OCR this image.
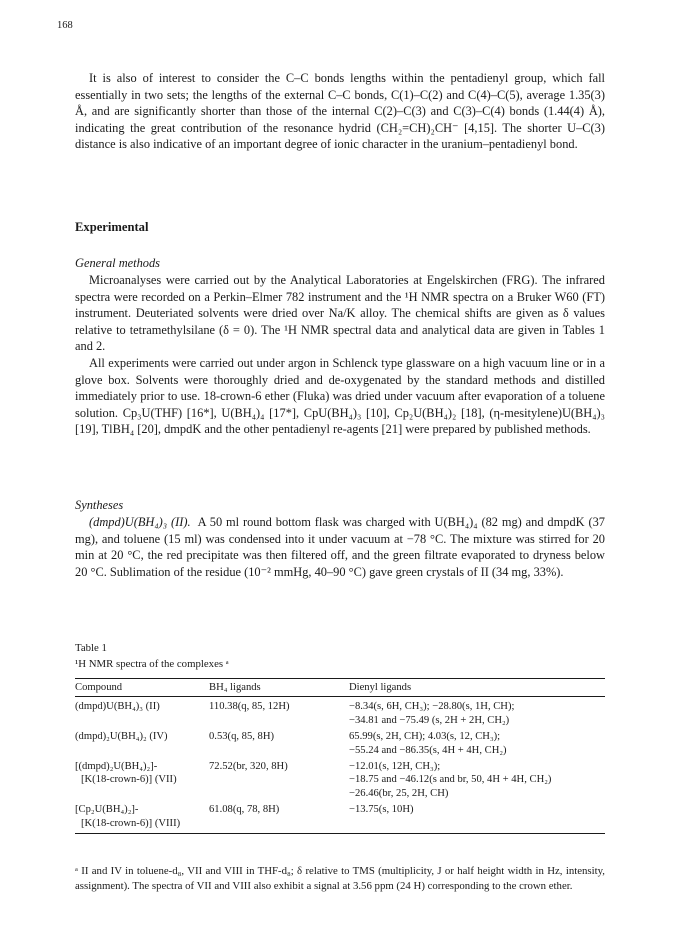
168

It is also of interest to consider the C–C bonds lengths within the pentadienyl group, which fall essentially in two sets; the lengths of the external C–C bonds, C(1)–C(2) and C(4)–C(5), average 1.35(3) Å, and are significantly shorter than those of the internal C(2)–C(3) and C(3)–C(4) bonds (1.44(4) Å), indicating the great contribution of the resonance hydrid (CH₂=CH)₂CH⁻ [4,15]. The shorter U–C(3) distance is also indicative of an important degree of ionic character in the uranium–pentadienyl bond.

Experimental
General methods

Microanalyses were carried out by the Analytical Laboratories at Engelskirchen (FRG). The infrared spectra were recorded on a Perkin–Elmer 782 instrument and the ¹H NMR spectra on a Bruker W60 (FT) instrument. Deuteriated solvents were dried over Na/K alloy. The chemical shifts are given as δ values relative to tetramethylsilane (δ = 0). The ¹H NMR spectral data and analytical data are given in Tables 1 and 2.

All experiments were carried out under argon in Schlenck type glassware on a high vacuum line or in a glove box. Solvents were thoroughly dried and de-oxygenated by the standard methods and distilled immediately prior to use. 18-crown-6 ether (Fluka) was dried under vacuum after evaporation of a toluene solution. Cp₃U(THF) [16*], U(BH₄)₄ [17*], CpU(BH₄)₃ [10], Cp₂U(BH₄)₂ [18], (η-mesitylene)U(BH₄)₃ [19], TlBH₄ [20], dmpdK and the other pentadienyl re-agents [21] were prepared by published methods.

Syntheses

(dmpd)U(BH₄)₃ (II). A 50 ml round bottom flask was charged with U(BH₄)₄ (82 mg) and dmpdK (37 mg), and toluene (15 ml) was condensed into it under vacuum at −78 °C. The mixture was stirred for 20 min at 20 °C, the red precipitate was then filtered off, and the green filtrate evaporated to dryness below 20 °C. Sublimation of the residue (10⁻² mmHg, 40–90 °C) gave green crystals of II (34 mg, 33%).

Table 1
¹H NMR spectra of the complexes ᵃ
Compound	BH₄ ligands	Dienyl ligands

(dmpd)U(BH₄)₃ (II)	110.38(q, 85, 12H)	−8.34(s, 6H, CH₃); −28.80(s, 1H, CH);
−34.81 and −75.49 (s, 2H + 2H, CH₂)

(dmpd)₂U(BH₄)₂ (IV)	0.53(q, 85, 8H)	65.99(s, 2H, CH); 4.03(s, 12, CH₃);
−55.24 and −86.35(s, 4H + 4H, CH₂)

[(dmpd)₂U(BH₄)₂]-
[K(18-crown-6)] (VII)	72.52(br, 320, 8H)	−12.01(s, 12H, CH₃);
−18.75 and −46.12(s and br, 50, 4H + 4H, CH₂)
−26.46(br, 25, 2H, CH)

[Cp₂U(BH₄)₂]-
[K(18-crown-6)] (VIII)	61.08(q, 78, 8H)	−13.75(s, 10H)
ᵃ II and IV in toluene-d₈, VII and VIII in THF-d₈; δ relative to TMS (multiplicity, J or half height width in Hz, intensity, assignment). The spectra of VII and VIII also exhibit a signal at 3.56 ppm (24 H) corresponding to the crown ether.
